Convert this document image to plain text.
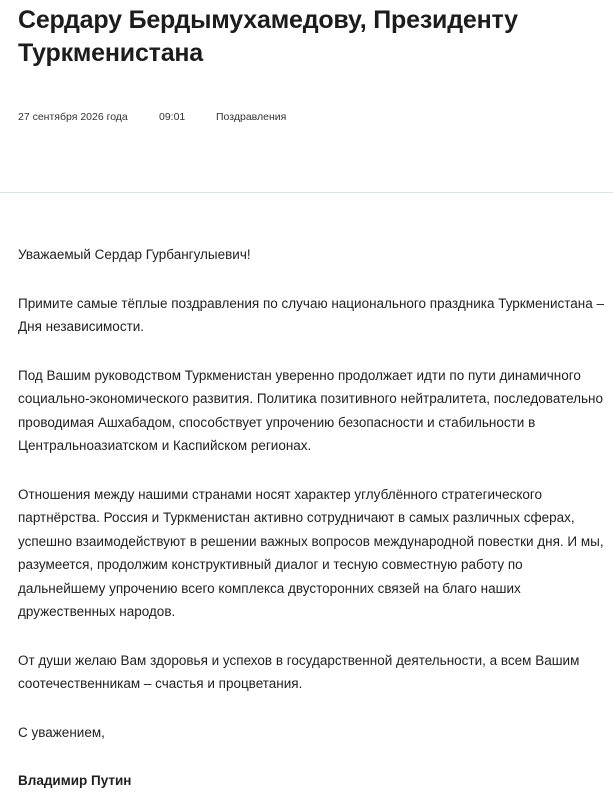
Сердару Бердымухамедову, Президенту Туркменистана
27 сентября 2026 года	09:01	Поздравления

Уважаемый Сердар Гурбангулыевич!

Примите самые тёплые поздравления по случаю национального праздника Туркменистана – Дня независимости.

Под Вашим руководством Туркменистан уверенно продолжает идти по пути динамичного социально-экономического развития. Политика позитивного нейтралитета, последовательно проводимая Ашхабадом, способствует упрочению безопасности и стабильности в Центральноазиатском и Каспийском регионах.

Отношения между нашими странами носят характер углублённого стратегического партнёрства. Россия и Туркменистан активно сотрудничают в самых различных сферах, успешно взаимодействуют в решении важных вопросов международной повестки дня. И мы, разумеется, продолжим конструктивный диалог и тесную совместную работу по дальнейшему упрочению всего комплекса двусторонних связей на благо наших дружественных народов.

От души желаю Вам здоровья и успехов в государственной деятельности, а всем Вашим соотечественникам – счастья и процветания.

С уважением,

Владимир Путин
